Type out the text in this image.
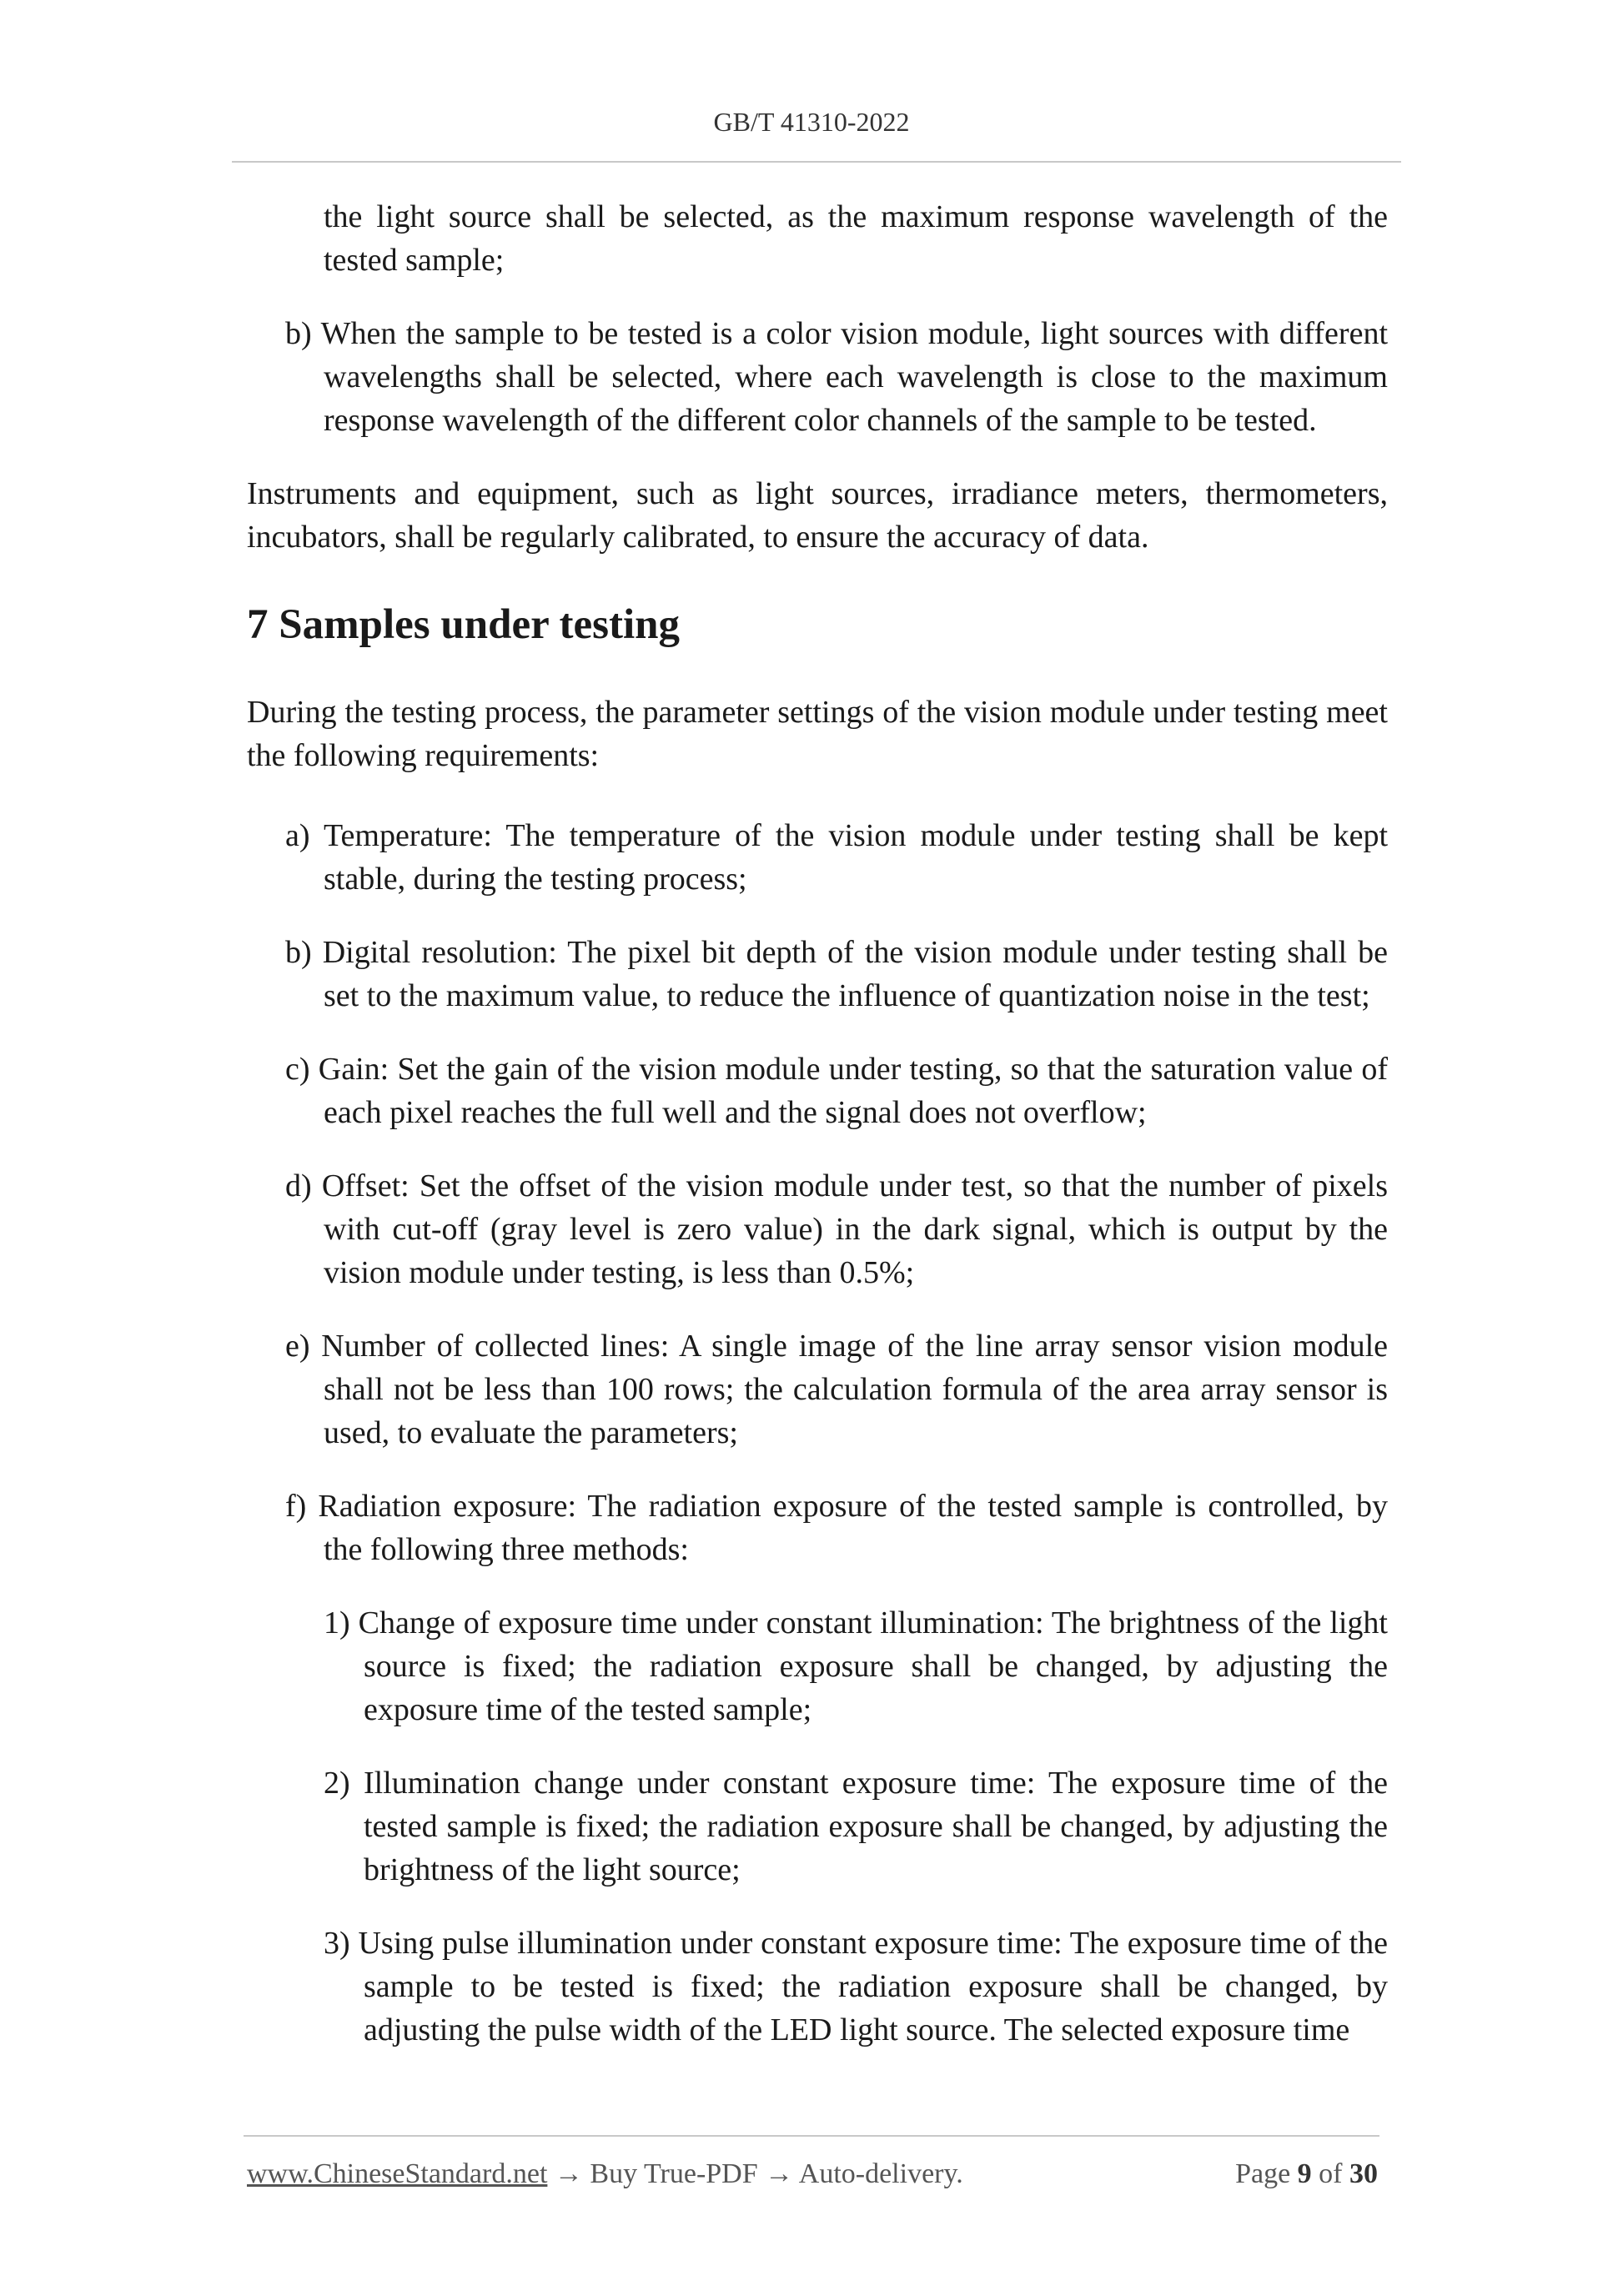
GB/T 41310-2022

the light source shall be selected, as the maximum response wavelength of the tested sample;

b) When the sample to be tested is a color vision module, light sources with different wavelengths shall be selected, where each wavelength is close to the maximum response wavelength of the different color channels of the sample to be tested.

Instruments and equipment, such as light sources, irradiance meters, thermometers, incubators, shall be regularly calibrated, to ensure the accuracy of data.

7 Samples under testing

During the testing process, the parameter settings of the vision module under testing meet the following requirements:

a) Temperature: The temperature of the vision module under testing shall be kept stable, during the testing process;

b) Digital resolution: The pixel bit depth of the vision module under testing shall be set to the maximum value, to reduce the influence of quantization noise in the test;

c) Gain: Set the gain of the vision module under testing, so that the saturation value of each pixel reaches the full well and the signal does not overflow;

d) Offset: Set the offset of the vision module under test, so that the number of pixels with cut-off (gray level is zero value) in the dark signal, which is output by the vision module under testing, is less than 0.5%;

e) Number of collected lines: A single image of the line array sensor vision module shall not be less than 100 rows; the calculation formula of the area array sensor is used, to evaluate the parameters;

f) Radiation exposure: The radiation exposure of the tested sample is controlled, by the following three methods:

1) Change of exposure time under constant illumination: The brightness of the light source is fixed; the radiation exposure shall be changed, by adjusting the exposure time of the tested sample;

2) Illumination change under constant exposure time: The exposure time of the tested sample is fixed; the radiation exposure shall be changed, by adjusting the brightness of the light source;

3) Using pulse illumination under constant exposure time: The exposure time of the sample to be tested is fixed; the radiation exposure shall be changed, by adjusting the pulse width of the LED light source. The selected exposure time

www.ChineseStandard.net → Buy True-PDF → Auto-delivery.	Page 9 of 30
